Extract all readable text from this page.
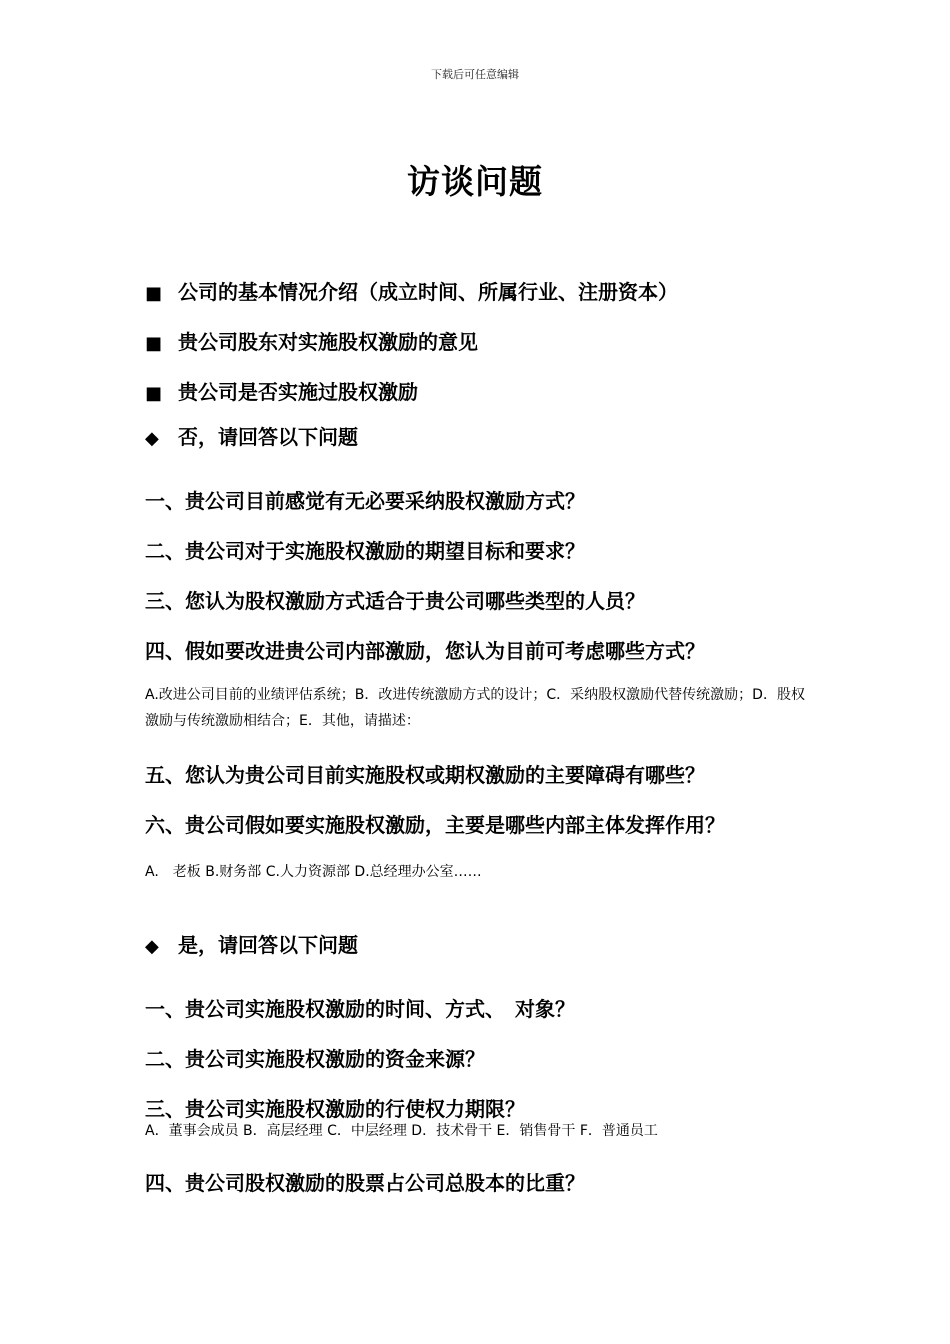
下载后可任意编辑
访谈问题
■ 公司的基本情况介绍（成立时间、所属行业、注册资本）
■ 贵公司股东对实施股权激励的意见
■ 贵公司是否实施过股权激励
◆ 否，请回答以下问题
一、贵公司目前感觉有无必要采纳股权激励方式？
二、贵公司对于实施股权激励的期望目标和要求？
三、您认为股权激励方式适合于贵公司哪些类型的人员？
四、假如要改进贵公司内部激励，您认为目前可考虑哪些方式？
A.改进公司目前的业绩评估系统；B．改进传统激励方式的设计；C．采纳股权激励代替传统激励；D．股权激励与传统激励相结合；E．其他，请描述：
五、您认为贵公司目前实施股权或期权激励的主要障碍有哪些？
六、贵公司假如要实施股权激励，主要是哪些内部主体发挥作用？
A.　老板 B.财务部 C.人力资源部 D.总经理办公室……
◆ 是，请回答以下问题
一、贵公司实施股权激励的时间、方式、　对象？
二、贵公司实施股权激励的资金来源？
三、贵公司实施股权激励的行使权力期限？
A．董事会成员 B．高层经理 C．中层经理 D．技术骨干 E．销售骨干 F．普通员工
四、贵公司股权激励的股票占公司总股本的比重？
